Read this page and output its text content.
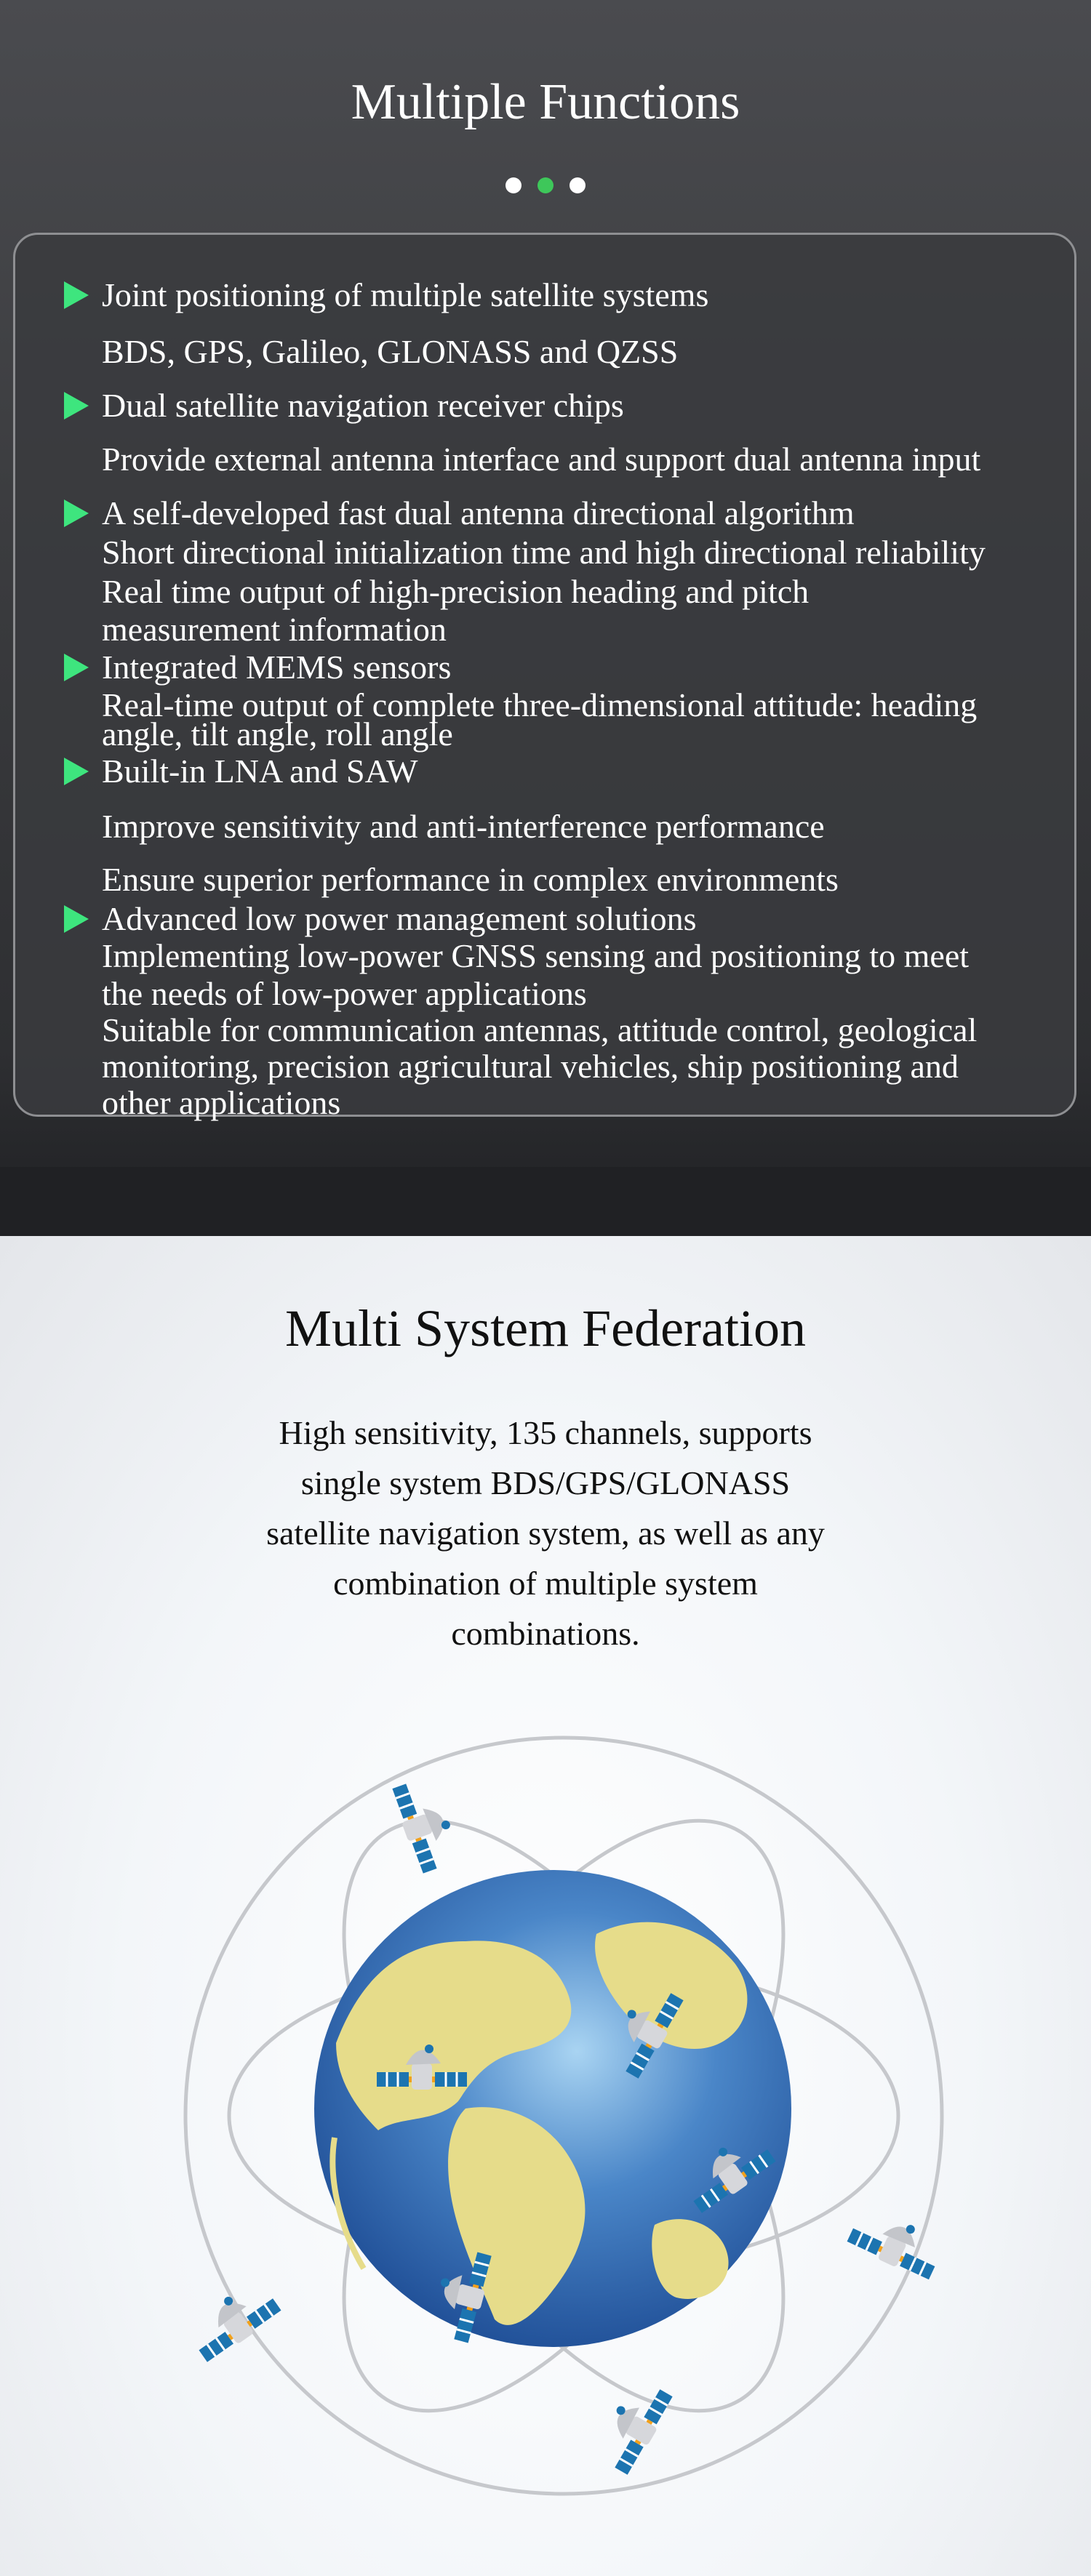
Multiple Functions
Joint positioning of multiple satellite systems
BDS, GPS, Galileo, GLONASS and QZSS
Dual satellite navigation receiver chips
Provide external antenna interface and support dual antenna input
A self-developed fast dual antenna directional algorithm
Short directional initialization time and high directional reliability
Real time output of high-precision heading and pitch
measurement information
Integrated MEMS sensors
Real-time output of complete three-dimensional attitude: heading
angle, tilt angle, roll angle
Built-in LNA and SAW
Improve sensitivity and anti-interference performance
Ensure superior performance in complex environments
Advanced low power management solutions
Implementing low-power GNSS sensing and positioning to meet
the needs of low-power applications
Suitable for communication antennas, attitude control, geological
monitoring, precision agricultural vehicles, ship positioning and
other applications
Multi System Federation
High sensitivity, 135 channels, supports
single system BDS/GPS/GLONASS
satellite navigation system, as well as any
combination of multiple system
combinations.
